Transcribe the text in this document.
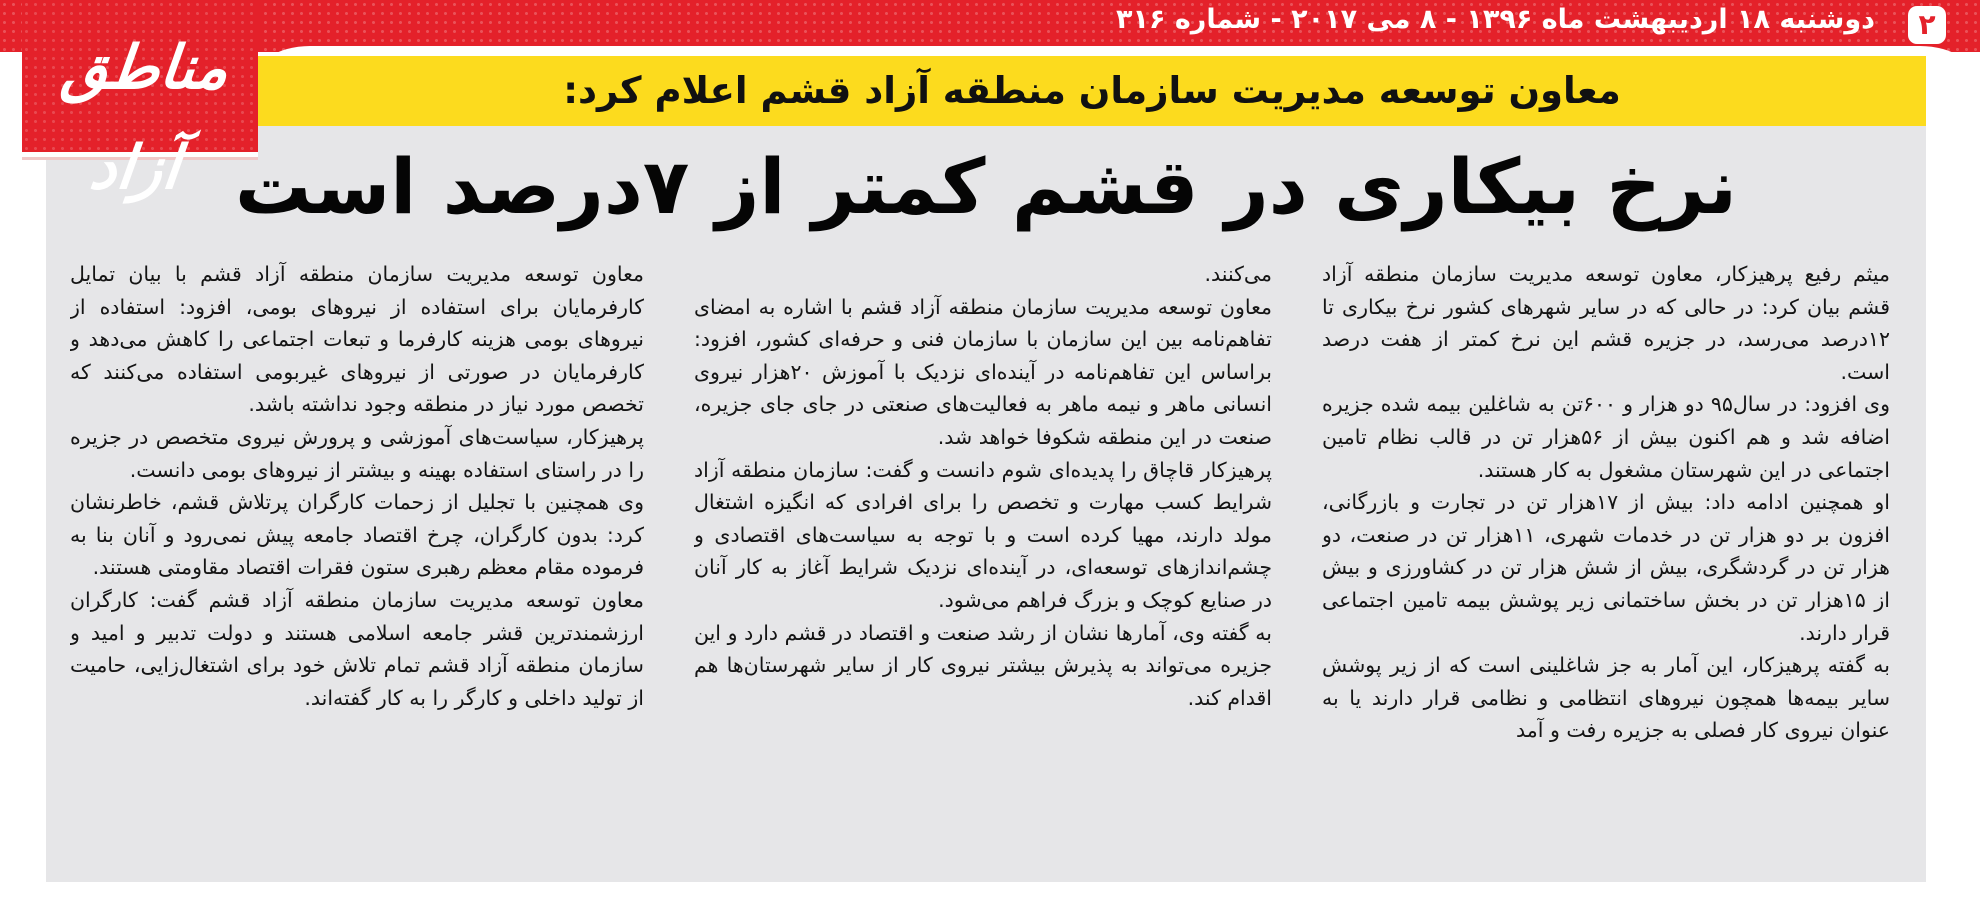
دوشنبه ۱۸ اردیبهشت ماه ۱۳۹۶ - ۸ می ۲۰۱۷ - شماره ۳۱۶	۲
مناطق آزاد
معاون توسعه مدیریت سازمان منطقه آزاد قشم اعلام کرد:
نرخ بیکاری در قشم کمتر از ۷درصد است

میثم رفیع پرهیزکار، معاون توسعه مدیریت سازمان منطقه آزاد قشم بیان کرد: در حالی که در سایر شهرهای کشور نرخ بیکاری تا ۱۲درصد می‌رسد، در جزیره قشم این نرخ کمتر از هفت درصد است.

وی افزود: در سال۹۵ دو هزار و ۶۰۰تن به شاغلین بیمه شده جزیره اضافه شد و هم اکنون بیش از ۵۶هزار تن در قالب نظام تامین اجتماعی در این شهرستان مشغول به کار هستند.

او همچنین ادامه داد: بیش از ۱۷هزار تن در تجارت و بازرگانی، افزون بر دو هزار تن در خدمات شهری، ۱۱هزار تن در صنعت، دو هزار تن در گردشگری، بیش از شش هزار تن در کشاورزی و بیش از ۱۵هزار تن در بخش ساختمانی زیر پوشش بیمه تامین اجتماعی قرار دارند.

به گفته پرهیزکار، این آمار به جز شاغلینی است که از زیر پوشش سایر بیمه‌ها همچون نیروهای انتظامی و نظامی قرار دارند یا به عنوان نیروی کار فصلی به جزیره رفت و آمد

می‌کنند.

معاون توسعه مدیریت سازمان منطقه آزاد قشم با اشاره به امضای تفاهم‌نامه بین این سازمان با سازمان فنی و حرفه‌ای کشور، افزود: براساس این تفاهم‌نامه در آینده‌ای نزدیک با آموزش ۲۰هزار نیروی انسانی ماهر و نیمه ماهر به فعالیت‌های صنعتی در جای جای جزیره، صنعت در این منطقه شکوفا خواهد شد.

پرهیزکار قاچاق را پدیده‌ای شوم دانست و گفت: سازمان منطقه آزاد شرایط کسب مهارت و تخصص را برای افرادی که انگیزه اشتغال مولد دارند، مهیا کرده است و با توجه به سیاست‌های اقتصادی و چشم‌اندازهای توسعه‌ای، در آینده‌ای نزدیک شرایط آغاز به کار آنان در صنایع کوچک و بزرگ فراهم می‌شود.

به گفته وی، آمارها نشان از رشد صنعت و اقتصاد در قشم دارد و این جزیره می‌تواند به پذیرش بیشتر نیروی کار از سایر شهرستان‌ها هم اقدام کند.

معاون توسعه مدیریت سازمان منطقه آزاد قشم با بیان تمایل کارفرمایان برای استفاده از نیروهای بومی، افزود: استفاده از نیروهای بومی هزینه کارفرما و تبعات اجتماعی را کاهش می‌دهد و کارفرمایان در صورتی از نیروهای غیربومی استفاده می‌کنند که تخصص مورد نیاز در منطقه وجود نداشته باشد.

پرهیزکار، سیاست‌های آموزشی و پرورش نیروی متخصص در جزیره را در راستای استفاده بهینه و بیشتر از نیروهای بومی دانست.

وی همچنین با تجلیل از زحمات کارگران پرتلاش قشم، خاطرنشان کرد: بدون کارگران، چرخ اقتصاد جامعه پیش نمی‌رود و آنان بنا به فرموده مقام معظم رهبری ستون فقرات اقتصاد مقاومتی هستند.

معاون توسعه مدیریت سازمان منطقه آزاد قشم گفت: کارگران ارزشمندترین قشر جامعه اسلامی هستند و دولت تدبیر و امید و سازمان منطقه آزاد قشم تمام تلاش خود برای اشتغال‌زایی، حامیت از تولید داخلی و کارگر را به کار گفته‌اند.
